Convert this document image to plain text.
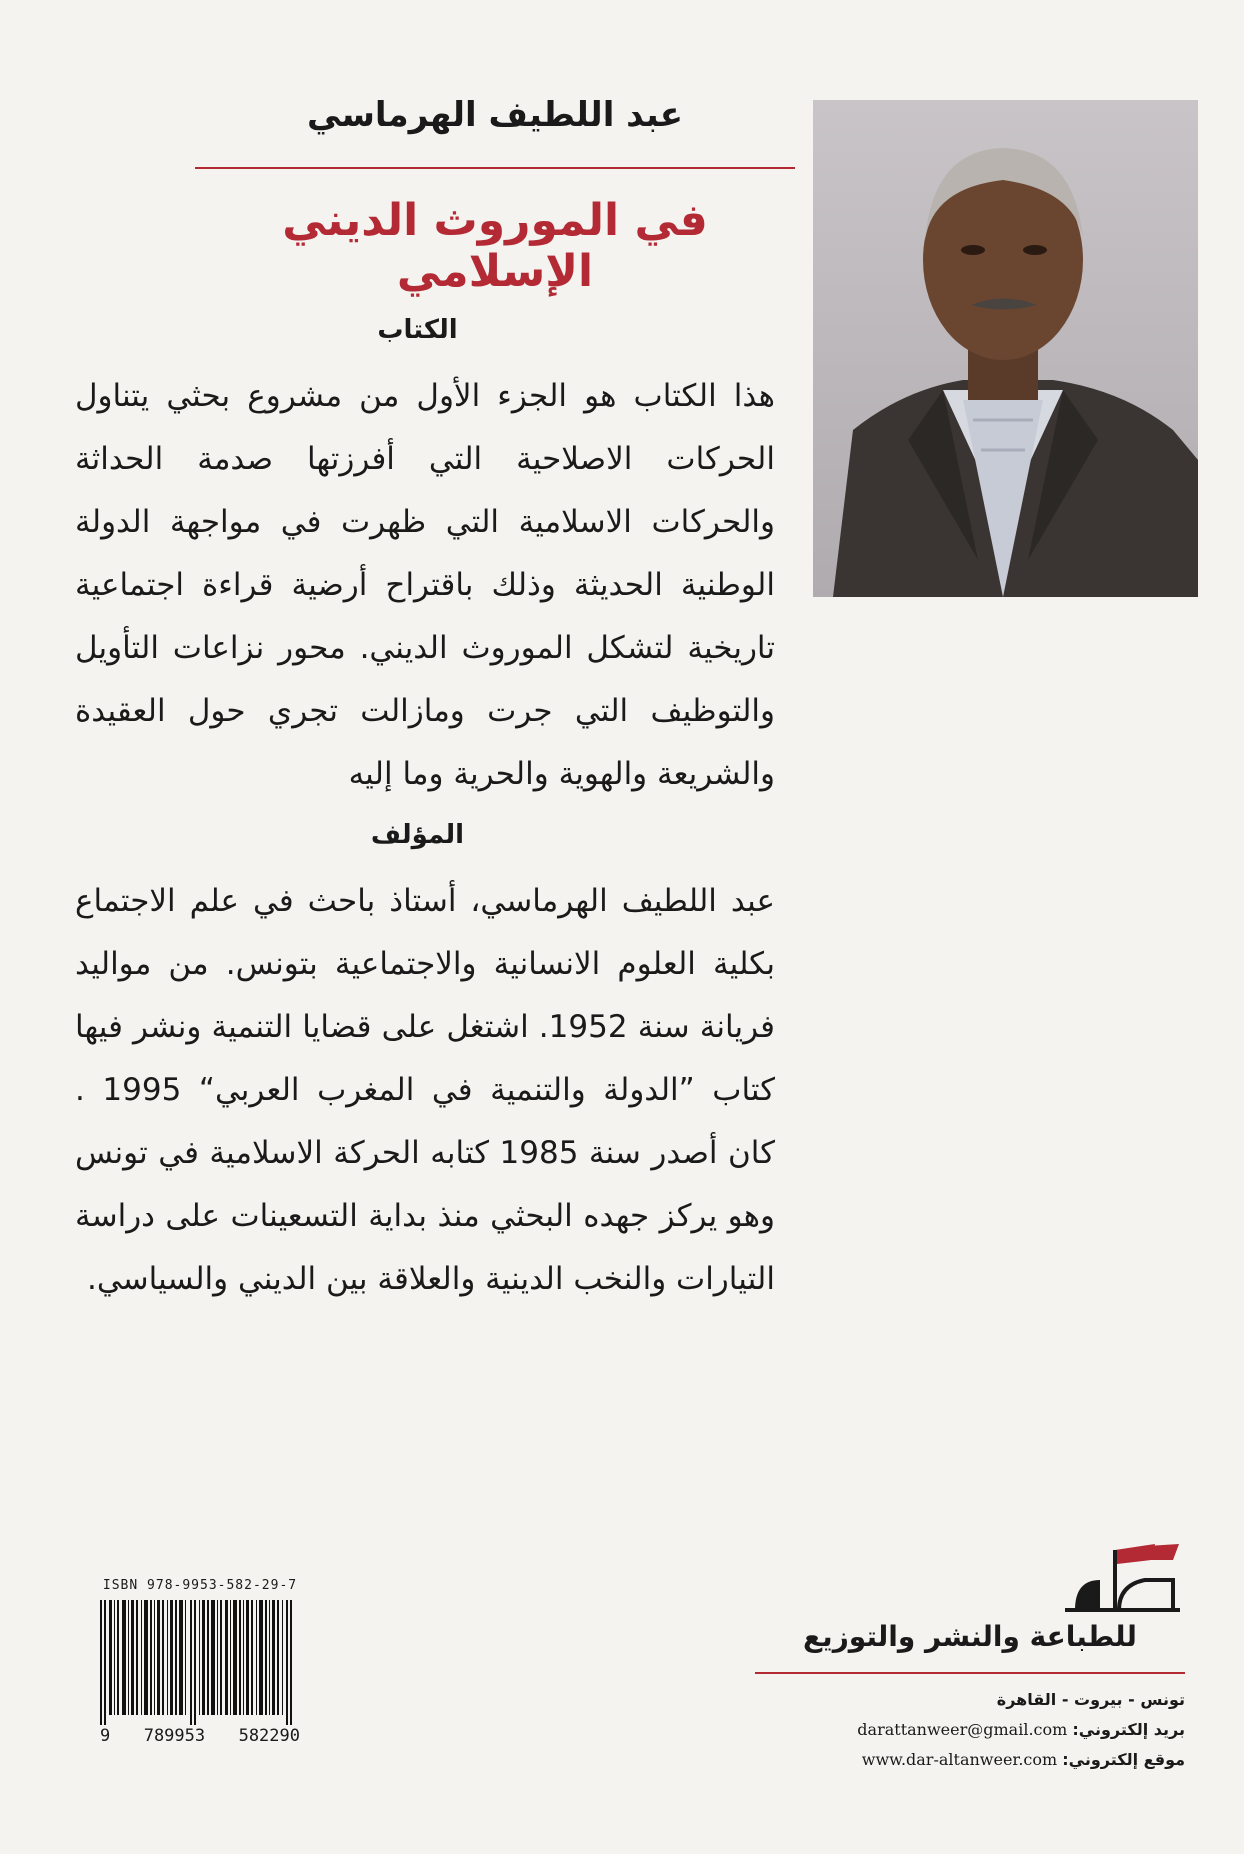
عبد اللطيف الهرماسي
في الموروث الديني الإسلامي
الكتاب

هذا الكتاب هو الجزء الأول من مشروع بحثي يتناول الحركات الاصلاحية التي أفرزتها صدمة الحداثة والحركات الاسلامية التي ظهرت في مواجهة الدولة الوطنية الحديثة وذلك باقتراح أرضية قراءة اجتماعية تاريخية لتشكل الموروث الديني. محور نزاعات التأويل والتوظيف التي جرت ومازالت تجري حول العقيدة والشريعة والهوية والحرية وما إليه

المؤلف

عبد اللطيف الهرماسي، أستاذ باحث في علم الاجتماع بكلية العلوم الانسانية والاجتماعية بتونس. من مواليد فريانة سنة 1952. اشتغل على قضايا التنمية ونشر فيها كتاب ”الدولة والتنمية في المغرب العربي“ 1995 . كان أصدر سنة 1985 كتابه الحركة الاسلامية في تونس وهو يركز جهده البحثي منذ بداية التسعينات على دراسة التيارات والنخب الدينية والعلاقة بين الديني والسياسي.

ISBN 978-9953-582-29-7
9 789953 582290
للطباعة والنشر والتوزيع
تونس - بيروت - القاهرة
بريد إلكتروني: darattanweer@gmail.com
موقع إلكتروني: www.dar-altanweer.com
